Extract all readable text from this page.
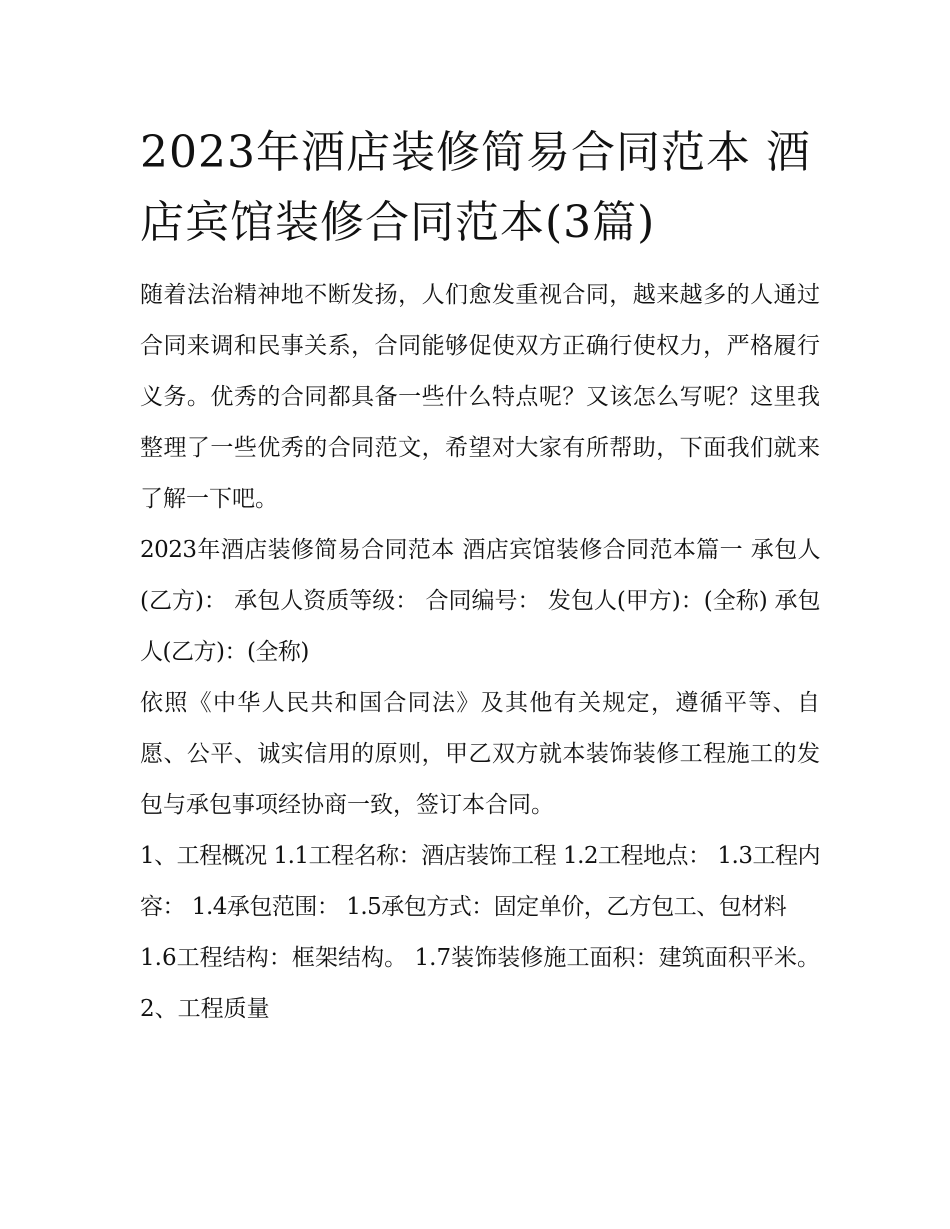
2023年酒店装修简易合同范本 酒店宾馆装修合同范本(3篇)

随着法治精神地不断发扬，人们愈发重视合同，越来越多的人通过合同来调和民事关系，合同能够促使双方正确行使权力，严格履行义务。优秀的合同都具备一些什么特点呢？又该怎么写呢？这里我整理了一些优秀的合同范文，希望对大家有所帮助，下面我们就来了解一下吧。

2023年酒店装修简易合同范本 酒店宾馆装修合同范本篇一 承包人(乙方)： 承包人资质等级： 合同编号： 发包人(甲方)：(全称) 承包人(乙方)：(全称)

依照《中华人民共和国合同法》及其他有关规定，遵循平等、自愿、公平、诚实信用的原则，甲乙双方就本装饰装修工程施工的发包与承包事项经协商一致，签订本合同。

1、工程概况 1.1工程名称：酒店装饰工程 1.2工程地点： 1.3工程内容： 1.4承包范围： 1.5承包方式：固定单价，乙方包工、包材料

1.6工程结构：框架结构。 1.7装饰装修施工面积：建筑面积平米。 2、工程质量
